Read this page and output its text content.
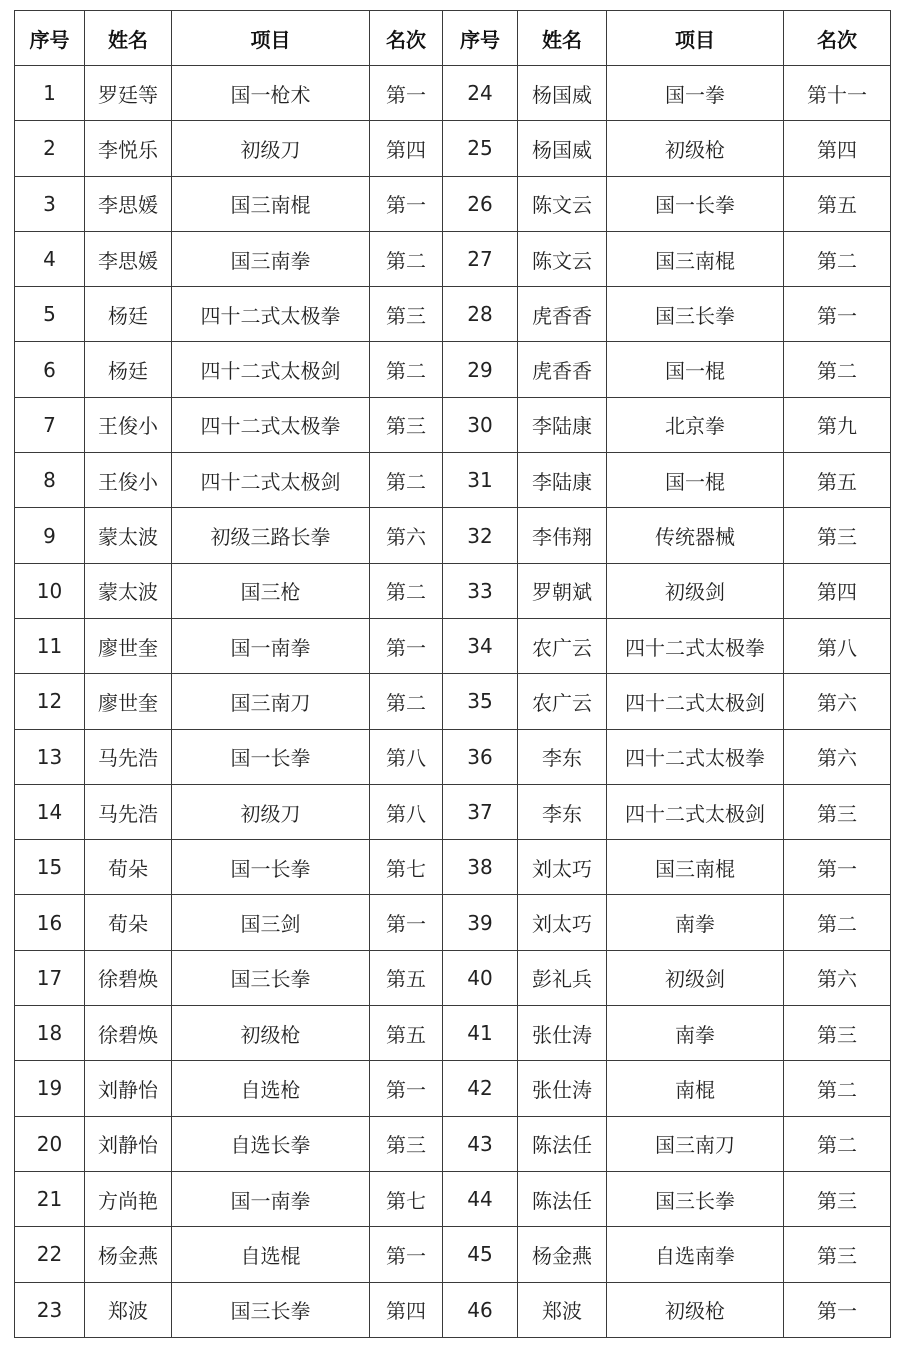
序号	姓名	项目	名次	序号	姓名	项目	名次
1	罗廷等	国一枪术	第一	24	杨国威	国一拳	第十一
2	李悦乐	初级刀	第四	25	杨国威	初级枪	第四
3	李思媛	国三南棍	第一	26	陈文云	国一长拳	第五
4	李思媛	国三南拳	第二	27	陈文云	国三南棍	第二
5	杨廷	四十二式太极拳	第三	28	虎香香	国三长拳	第一
6	杨廷	四十二式太极剑	第二	29	虎香香	国一棍	第二
7	王俊小	四十二式太极拳	第三	30	李陆康	北京拳	第九
8	王俊小	四十二式太极剑	第二	31	李陆康	国一棍	第五
9	蒙太波	初级三路长拳	第六	32	李伟翔	传统器械	第三
10	蒙太波	国三枪	第二	33	罗朝斌	初级剑	第四
11	廖世奎	国一南拳	第一	34	农广云	四十二式太极拳	第八
12	廖世奎	国三南刀	第二	35	农广云	四十二式太极剑	第六
13	马先浩	国一长拳	第八	36	李东	四十二式太极拳	第六
14	马先浩	初级刀	第八	37	李东	四十二式太极剑	第三
15	荀朵	国一长拳	第七	38	刘太巧	国三南棍	第一
16	荀朵	国三剑	第一	39	刘太巧	南拳	第二
17	徐碧焕	国三长拳	第五	40	彭礼兵	初级剑	第六
18	徐碧焕	初级枪	第五	41	张仕涛	南拳	第三
19	刘静怡	自选枪	第一	42	张仕涛	南棍	第二
20	刘静怡	自选长拳	第三	43	陈法任	国三南刀	第二
21	方尚艳	国一南拳	第七	44	陈法任	国三长拳	第三
22	杨金燕	自选棍	第一	45	杨金燕	自选南拳	第三
23	郑波	国三长拳	第四	46	郑波	初级枪	第一
